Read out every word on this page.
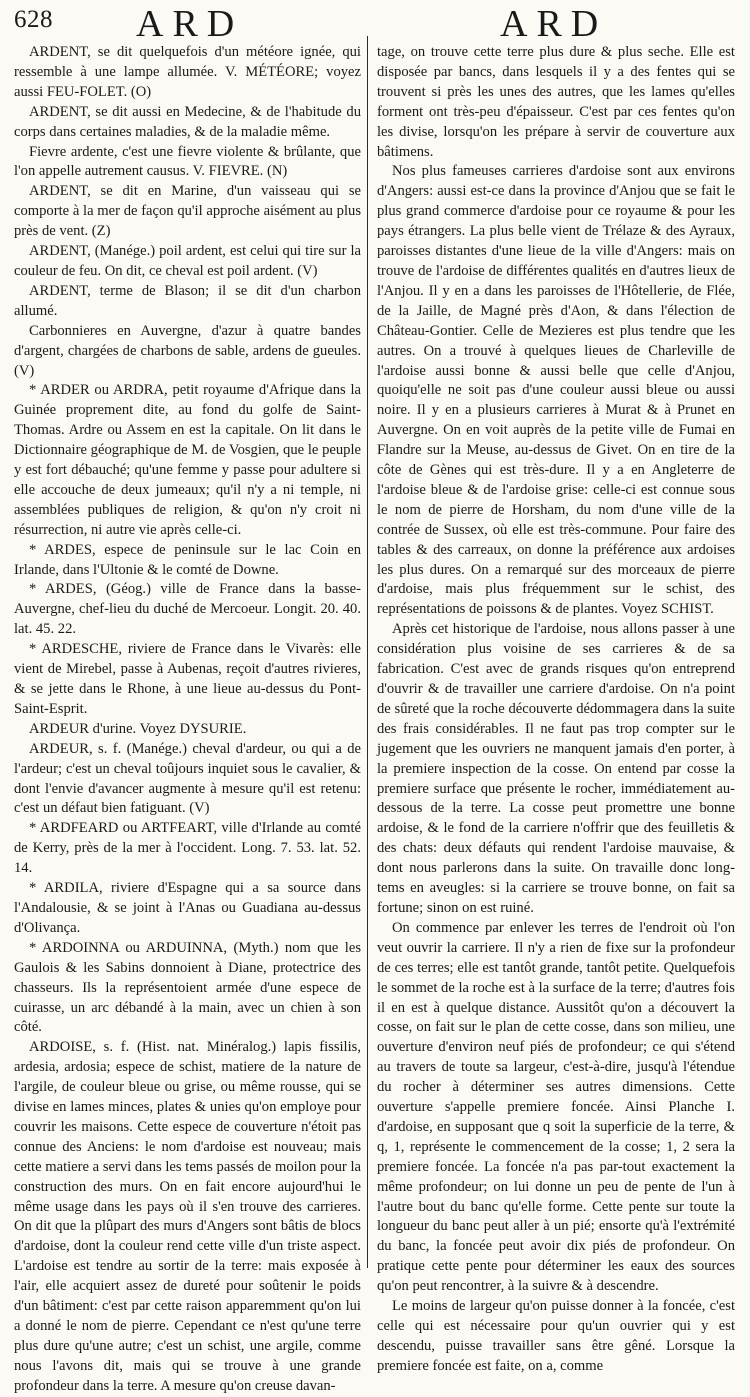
628 ARD	ARD

ARDENT, se dit quelquefois d'un météore ignée, qui ressemble à une lampe allumée. V. MÉTÉORE; voyez aussi FEU-FOLET. (O)

ARDENT, se dit aussi en Medecine, & de l'habitude du corps dans certaines maladies, & de la maladie même.

Fievre ardente, c'est une fievre violente & brûlante, que l'on appelle autrement causus. V. FIEVRE. (N)

ARDENT, se dit en Marine, d'un vaisseau qui se comporte à la mer de façon qu'il approche aisément au plus près de vent. (Z)

ARDENT, (Manége.) poil ardent, est celui qui tire sur la couleur de feu. On dit, ce cheval est poil ardent. (V)

ARDENT, terme de Blason; il se dit d'un charbon allumé.

Carbonnieres en Auvergne, d'azur à quatre bandes d'argent, chargées de charbons de sable, ardens de gueules. (V)

* ARDER ou ARDRA, petit royaume d'Afrique dans la Guinée proprement dite, au fond du golfe de Saint-Thomas. Ardre ou Assem en est la capitale. On lit dans le Dictionnaire géographique de M. de Vosgien, que le peuple y est fort débauché; qu'une femme y passe pour adultere si elle accouche de deux jumeaux; qu'il n'y a ni temple, ni assemblées publiques de religion, & qu'on n'y croit ni résurrection, ni autre vie après celle-ci.

* ARDES, espece de peninsule sur le lac Coin en Irlande, dans l'Ultonie & le comté de Downe.

* ARDES, (Géog.) ville de France dans la basse-Auvergne, chef-lieu du duché de Mercoeur. Longit. 20. 40. lat. 45. 22.

* ARDESCHE, riviere de France dans le Vivarès: elle vient de Mirebel, passe à Aubenas, reçoit d'autres rivieres, & se jette dans le Rhone, à une lieue au-dessus du Pont-Saint-Esprit.

ARDEUR d'urine. Voyez DYSURIE.

ARDEUR, s. f. (Manége.) cheval d'ardeur, ou qui a de l'ardeur; c'est un cheval toûjours inquiet sous le cavalier, & dont l'envie d'avancer augmente à mesure qu'il est retenu: c'est un défaut bien fatiguant. (V)

* ARDFEARD ou ARTFEART, ville d'Irlande au comté de Kerry, près de la mer à l'occident. Long. 7. 53. lat. 52. 14.

* ARDILA, riviere d'Espagne qui a sa source dans l'Andalousie, & se joint à l'Anas ou Guadiana au-dessus d'Olivança.

* ARDOINNA ou ARDUINNA, (Myth.) nom que les Gaulois & les Sabins donnoient à Diane, protectrice des chasseurs. Ils la représentoient armée d'une espece de cuirasse, un arc débandé à la main, avec un chien à son côté.

ARDOISE, s. f. (Hist. nat. Minéralog.) lapis fissilis, ardesia, ardosia; espece de schist, matiere de la nature de l'argile, de couleur bleue ou grise, ou même rousse, qui se divise en lames minces, plates & unies qu'on employe pour couvrir les maisons. Cette espece de couverture n'étoit pas connue des Anciens: le nom d'ardoise est nouveau; mais cette matiere a servi dans les tems passés de moilon pour la construction des murs. On en fait encore aujourd'hui le même usage dans les pays où il s'en trouve des carrieres. On dit que la plûpart des murs d'Angers sont bâtis de blocs d'ardoise, dont la couleur rend cette ville d'un triste aspect. L'ardoise est tendre au sortir de la terre: mais exposée à l'air, elle acquiert assez de dureté pour soûtenir le poids d'un bâtiment: c'est par cette raison apparemment qu'on lui a donné le nom de pierre. Cependant ce n'est qu'une terre plus dure qu'une autre; c'est un schist, une argile, comme nous l'avons dit, mais qui se trouve à une grande profondeur dans la terre. A mesure qu'on creuse davan-

tage, on trouve cette terre plus dure & plus seche. Elle est disposée par bancs, dans lesquels il y a des fentes qui se trouvent si près les unes des autres, que les lames qu'elles forment ont très-peu d'épaisseur. C'est par ces fentes qu'on les divise, lorsqu'on les prépare à servir de couverture aux bâtimens.

Nos plus fameuses carrieres d'ardoise sont aux environs d'Angers: aussi est-ce dans la province d'Anjou que se fait le plus grand commerce d'ardoise pour ce royaume & pour les pays étrangers. La plus belle vient de Trélaze & des Ayraux, paroisses distantes d'une lieue de la ville d'Angers: mais on trouve de l'ardoise de différentes qualités en d'autres lieux de l'Anjou. Il y en a dans les paroisses de l'Hôtellerie, de Flée, de la Jaille, de Magné près d'Aon, & dans l'élection de Château-Gontier. Celle de Mezieres est plus tendre que les autres. On a trouvé à quelques lieues de Charleville de l'ardoise aussi bonne & aussi belle que celle d'Anjou, quoiqu'elle ne soit pas d'une couleur aussi bleue ou aussi noire. Il y en a plusieurs carrieres à Murat & à Prunet en Auvergne. On en voit auprès de la petite ville de Fumai en Flandre sur la Meuse, au-dessus de Givet. On en tire de la côte de Gènes qui est très-dure. Il y a en Angleterre de l'ardoise bleue & de l'ardoise grise: celle-ci est connue sous le nom de pierre de Horsham, du nom d'une ville de la contrée de Sussex, où elle est très-commune. Pour faire des tables & des carreaux, on donne la préférence aux ardoises les plus dures. On a remarqué sur des morceaux de pierre d'ardoise, mais plus fréquemment sur le schist, des représentations de poissons & de plantes. Voyez SCHIST.

Après cet historique de l'ardoise, nous allons passer à une considération plus voisine de ses carrieres & de sa fabrication. C'est avec de grands risques qu'on entreprend d'ouvrir & de travailler une carriere d'ardoise. On n'a point de sûreté que la roche découverte dédommagera dans la suite des frais considérables. Il ne faut pas trop compter sur le jugement que les ouvriers ne manquent jamais d'en porter, à la premiere inspection de la cosse. On entend par cosse la premiere surface que présente le rocher, immédiatement au-dessous de la terre. La cosse peut promettre une bonne ardoise, & le fond de la carriere n'offrir que des feuilletis & des chats: deux défauts qui rendent l'ardoise mauvaise, & dont nous parlerons dans la suite. On travaille donc long-tems en aveugles: si la carriere se trouve bonne, on fait sa fortune; sinon on est ruiné.

On commence par enlever les terres de l'endroit où l'on veut ouvrir la carriere. Il n'y a rien de fixe sur la profondeur de ces terres; elle est tantôt grande, tantôt petite. Quelquefois le sommet de la roche est à la surface de la terre; d'autres fois il en est à quelque distance. Aussitôt qu'on a découvert la cosse, on fait sur le plan de cette cosse, dans son milieu, une ouverture d'environ neuf piés de profondeur; ce qui s'étend au travers de toute sa largeur, c'est-à-dire, jusqu'à l'étendue du rocher à déterminer ses autres dimensions. Cette ouverture s'appelle premiere foncée. Ainsi Planche I. d'ardoise, en supposant que q soit la superficie de la terre, & q, 1, représente le commencement de la cosse; 1, 2 sera la premiere foncée. La foncée n'a pas par-tout exactement la même profondeur; on lui donne un peu de pente de l'un à l'autre bout du banc qu'elle forme. Cette pente sur toute la longueur du banc peut aller à un pié; ensorte qu'à l'extrémité du banc, la foncée peut avoir dix piés de profondeur. On pratique cette pente pour déterminer les eaux des sources qu'on peut rencontrer, à la suivre & à descendre.

Le moins de largeur qu'on puisse donner à la foncée, c'est celle qui est nécessaire pour qu'un ouvrier qui y est descendu, puisse travailler sans être gêné. Lorsque la premiere foncée est faite, on a, comme
